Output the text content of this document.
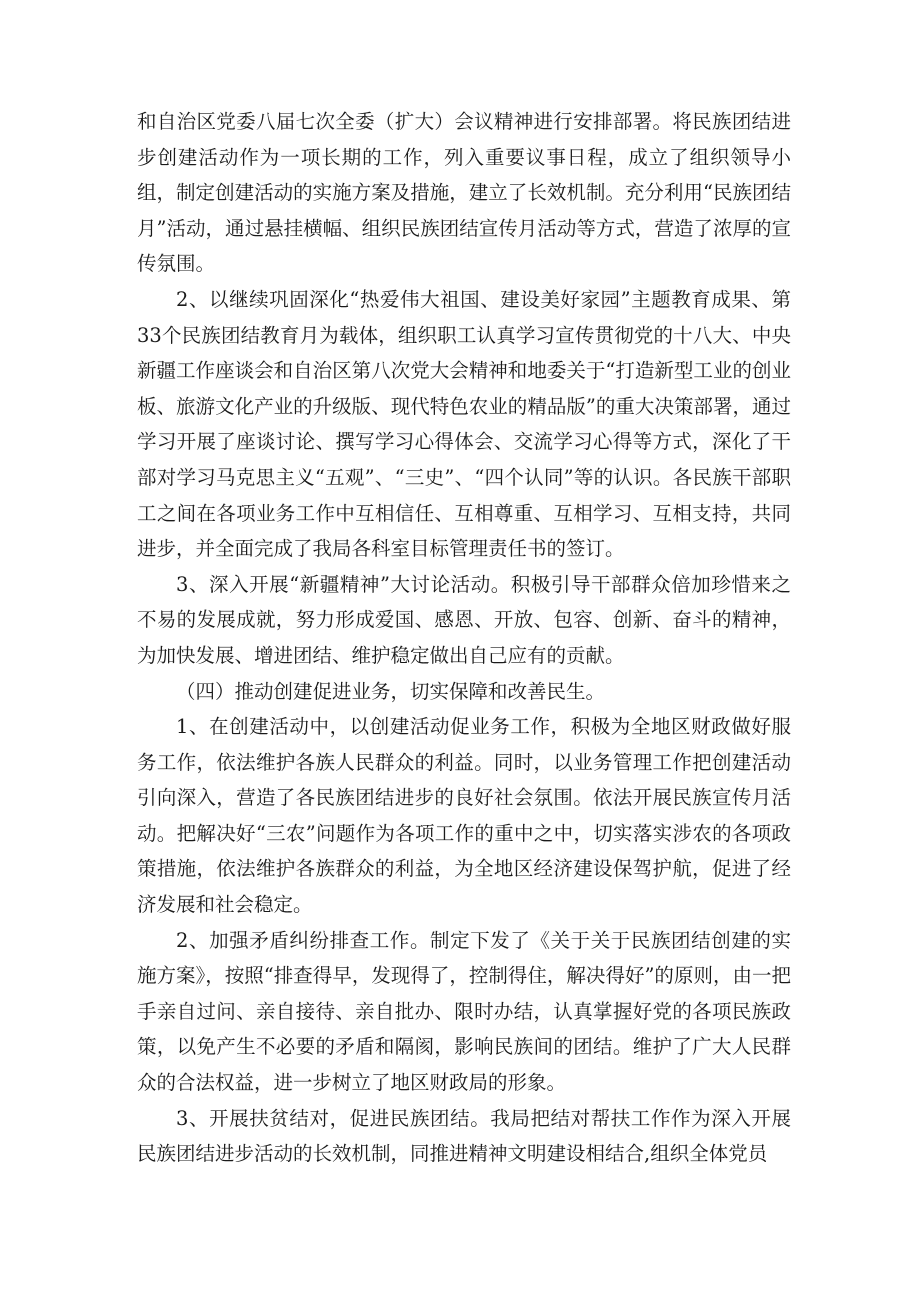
和自治区党委八届七次全委（扩大）会议精神进行安排部署。将民族团结进步创建活动作为一项长期的工作，列入重要议事日程，成立了组织领导小组，制定创建活动的实施方案及措施，建立了长效机制。充分利用“民族团结月”活动，通过悬挂横幅、组织民族团结宣传月活动等方式，营造了浓厚的宣传氛围。

2、以继续巩固深化“热爱伟大祖国、建设美好家园”主题教育成果、第33个民族团结教育月为载体，组织职工认真学习宣传贯彻党的十八大、中央新疆工作座谈会和自治区第八次党大会精神和地委关于“打造新型工业的创业板、旅游文化产业的升级版、现代特色农业的精品版”的重大决策部署，通过学习开展了座谈讨论、撰写学习心得体会、交流学习心得等方式，深化了干部对学习马克思主义“五观”、“三史”、“四个认同”等的认识。各民族干部职工之间在各项业务工作中互相信任、互相尊重、互相学习、互相支持，共同进步，并全面完成了我局各科室目标管理责任书的签订。

3、深入开展“新疆精神”大讨论活动。积极引导干部群众倍加珍惜来之不易的发展成就，努力形成爱国、感恩、开放、包容、创新、奋斗的精神，为加快发展、增进团结、维护稳定做出自己应有的贡献。

（四）推动创建促进业务，切实保障和改善民生。

1、在创建活动中，以创建活动促业务工作，积极为全地区财政做好服务工作，依法维护各族人民群众的利益。同时，以业务管理工作把创建活动引向深入，营造了各民族团结进步的良好社会氛围。依法开展民族宣传月活动。把解决好“三农”问题作为各项工作的重中之中，切实落实涉农的各项政策措施，依法维护各族群众的利益，为全地区经济建设保驾护航，促进了经济发展和社会稳定。

2、加强矛盾纠纷排查工作。制定下发了《关于关于民族团结创建的实施方案》，按照“排查得早，发现得了，控制得住，解决得好”的原则，由一把手亲自过问、亲自接待、亲自批办、限时办结，认真掌握好党的各项民族政策，以免产生不必要的矛盾和隔阂，影响民族间的团结。维护了广大人民群众的合法权益，进一步树立了地区财政局的形象。

3、开展扶贫结对，促进民族团结。我局把结对帮扶工作作为深入开展民族团结进步活动的长效机制，同推进精神文明建设相结合,组织全体党员
